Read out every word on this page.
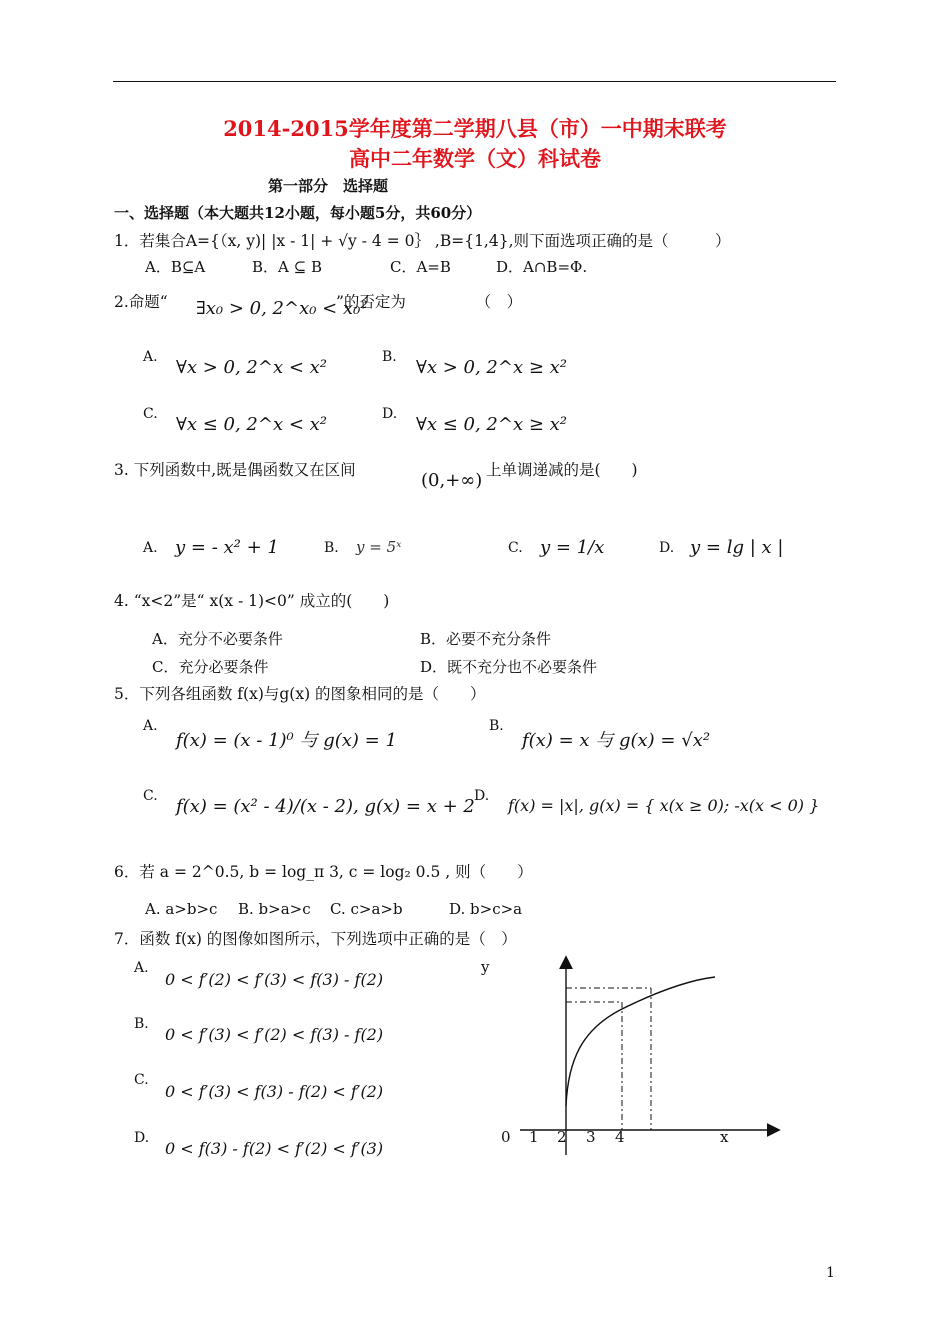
2014-2015学年度第二学期八县（市）一中期末联考
高中二年数学（文）科试卷
第一部分　选择题
一、选择题（本大题共12小题，每小题5分，共60分）
1．若集合A={（x, y)| |x - 1| + √y - 4 = 0｝ ,B={1,4},则下面选项正确的是（　　　）
A．B⊆A	B．A ⊆ B	C．A=B	D．A∩B=Φ.
2.命题“ ∃x₀ > 0, 2^x₀ < x₀²
”的否定为　　　　　（　）
A. ∀x > 0, 2^x < x²	B. ∀x > 0, 2^x ≥ x²
C. ∀x ≤ 0, 2^x < x²	D. ∀x ≤ 0, 2^x ≥ x²
3. 下列函数中,既是偶函数又在区间	(0,+∞) 上单调递减的是(　　)
A. y = - x² + 1	B. y = 5ˣ	C. y = 1/x	D. y = lg | x |
4. “x<2”是“ x(x - 1)<0” 成立的(　　)
A．充分不必要条件	B．必要不充分条件
C．充分必要条件	D．既不充分也不必要条件
5．下列各组函数 f(x)与g(x) 的图象相同的是（　　）
A.
f(x) = (x - 1)⁰ 与 g(x) = 1
B.
f(x) = x 与 g(x) = √x²
C. f(x) = (x² - 4)/(x - 2), g(x) = x + 2 D. f(x) = |x|, g(x) = { x(x ≥ 0); -x(x < 0) }
6．若 a = 2^0.5, b = log_π 3, c = log₂ 0.5 , 则（　　）
A. a>b>c B. b>a>c C. c>a>b	D. b>c>a
7．函数 f(x) 的图像如图所示，下列选项中正确的是（　）
A.
0 < f′(2) < f′(3) < f(3) - f(2)
B.
0 < f′(3) < f′(2) < f(3) - f(2)
C.
0 < f′(3) < f(3) - f(2) < f′(2)
D.
0 < f(3) - f(2) < f′(2) < f′(3)
y
x
0 1 2 3 4
1
